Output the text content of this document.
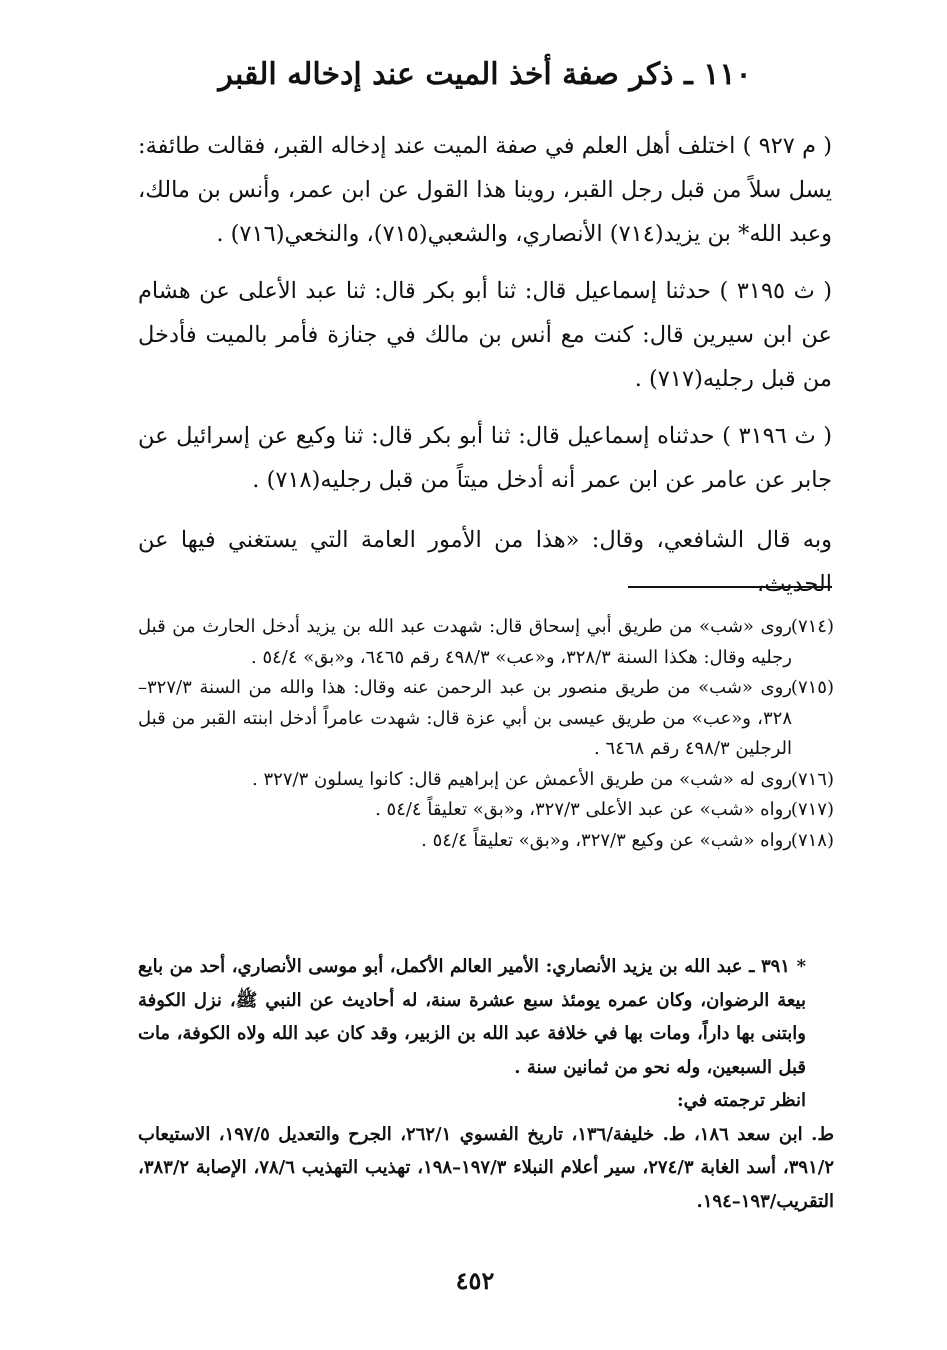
١١٠ ـ ذكر صفة أخذ الميت عند إدخاله القبر

( م ٩٢٧ ) اختلف أهل العلم في صفة الميت عند إدخاله القبر، فقالت طائفة: يسل سلاً من قبل رجل القبر، روينا هذا القول عن ابن عمر، وأنس بن مالك، وعبد الله* بن يزيد(٧١٤) الأنصاري، والشعبي(٧١٥)، والنخعي(٧١٦) .

( ث ٣١٩٥ ) حدثنا إسماعيل قال: ثنا أبو بكر قال: ثنا عبد الأعلى عن هشام عن ابن سيرين قال: كنت مع أنس بن مالك في جنازة فأمر بالميت فأدخل من قبل رجليه(٧١٧) .

( ث ٣١٩٦ ) حدثناه إسماعيل قال: ثنا أبو بكر قال: ثنا وكيع عن إسرائيل عن جابر عن عامر عن ابن عمر أنه أدخل ميتاً من قبل رجليه(٧١٨) .

وبه قال الشافعي، وقال: «هذا من الأمور العامة التي يستغني فيها عن الحديث،

(٧١٤)
روى «شب» من طريق أبي إسحاق قال: شهدت عبد الله بن يزيد أدخل الحارث من قبل رجليه وقال: هكذا السنة ٣٢٨/٣، و«عب» ٤٩٨/٣ رقم ٦٤٦٥، و«بق» ٥٤/٤ .

(٧١٥)
روى «شب» من طريق منصور بن عبد الرحمن عنه وقال: هذا والله من السنة ٣٢٧/٣–٣٢٨، و«عب» من طريق عيسى بن أبي عزة قال: شهدت عامراً أدخل ابنته القبر من قبل الرجلين ٤٩٨/٣ رقم ٦٤٦٨ .

(٧١٦)
روى له «شب» من طريق الأعمش عن إبراهيم قال: كانوا يسلون ٣٢٧/٣ .

(٧١٧)
رواه «شب» عن عبد الأعلى ٣٢٧/٣، و«بق» تعليقاً ٥٤/٤ .

(٧١٨)
رواه «شب» عن وكيع ٣٢٧/٣، و«بق» تعليقاً ٥٤/٤ .

* ٣٩١ ـ عبد الله بن يزيد الأنصاري: الأمير العالم الأكمل، أبو موسى الأنصاري، أحد من بايع بيعة الرضوان، وكان عمره يومئذ سبع عشرة سنة، له أحاديث عن النبي ﷺ، نزل الكوفة وابتنى بها داراً، ومات بها في خلافة عبد الله بن الزبير، وقد كان عبد الله ولاه الكوفة، مات قبل السبعين، وله نحو من ثمانين سنة .

انظر ترجمته في:

ط. ابن سعد ١٨٦، ط. خليفة/١٣٦، تاريخ الفسوي ٢٦٢/١، الجرح والتعديل ١٩٧/٥، الاستيعاب ٣٩١/٢، أسد الغابة ٢٧٤/٣، سير أعلام النبلاء ١٩٧/٣–١٩٨، تهذيب التهذيب ٧٨/٦، الإصابة ٣٨٣/٢، التقريب/١٩٣–١٩٤.

٤٥٢
